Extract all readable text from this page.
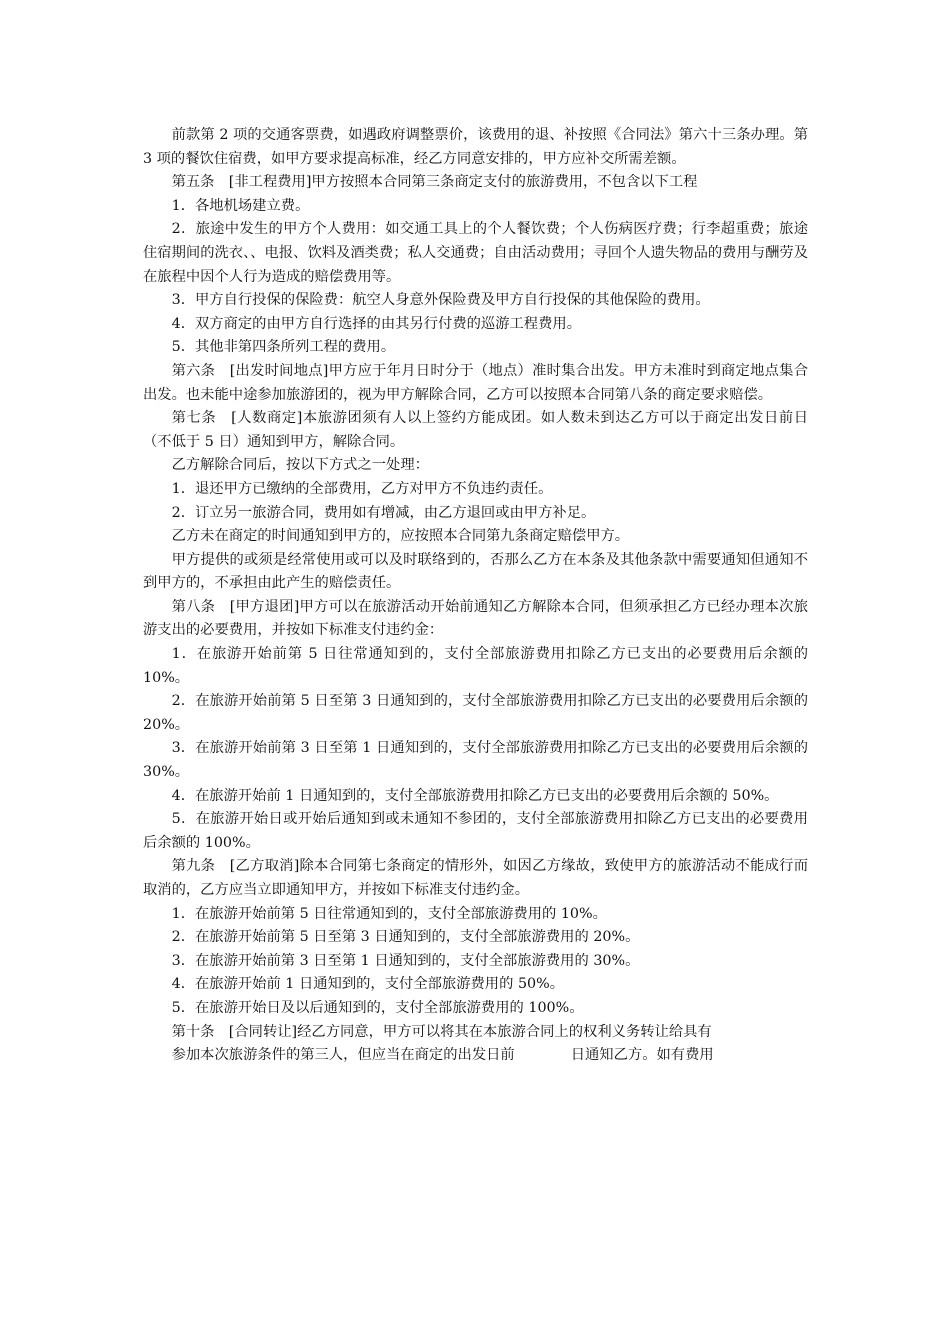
前款第 2 项的交通客票费，如遇政府调整票价，该费用的退、补按照《合同法》第六十三条办理。第 3 项的餐饮住宿费，如甲方要求提高标准，经乙方同意安排的，甲方应补交所需差额。

第五条　[非工程费用]甲方按照本合同第三条商定支付的旅游费用，不包含以下工程

1．各地机场建立费。

2．旅途中发生的甲方个人费用：如交通工具上的个人餐饮费；个人伤病医疗费；行李超重费；旅途住宿期间的洗衣、、电报、饮料及酒类费；私人交通费；自由活动费用；寻回个人遗失物品的费用与酬劳及在旅程中因个人行为造成的赔偿费用等。

3．甲方自行投保的保险费：航空人身意外保险费及甲方自行投保的其他保险的费用。

4．双方商定的由甲方自行选择的由其另行付费的巡游工程费用。

5．其他非第四条所列工程的费用。

第六条　[出发时间地点]甲方应于年月日时分于（地点）准时集合出发。甲方未准时到商定地点集合出发。也未能中途参加旅游团的，视为甲方解除合同，乙方可以按照本合同第八条的商定要求赔偿。

第七条　[人数商定]本旅游团须有人以上签约方能成团。如人数未到达乙方可以于商定出发日前日（不低于 5 日）通知到甲方，解除合同。

乙方解除合同后，按以下方式之一处理：

1．退还甲方已缴纳的全部费用，乙方对甲方不负违约责任。

2．订立另一旅游合同，费用如有增减，由乙方退回或由甲方补足。

乙方未在商定的时间通知到甲方的，应按照本合同第九条商定赔偿甲方。

甲方提供的或须是经常使用或可以及时联络到的，否那么乙方在本条及其他条款中需要通知但通知不到甲方的，不承担由此产生的赔偿责任。

第八条　[甲方退团]甲方可以在旅游活动开始前通知乙方解除本合同，但须承担乙方已经办理本次旅游支出的必要费用，并按如下标准支付违约金：

1．在旅游开始前第 5 日往常通知到的，支付全部旅游费用扣除乙方已支出的必要费用后余额的 10%。

2．在旅游开始前第 5 日至第 3 日通知到的，支付全部旅游费用扣除乙方已支出的必要费用后余额的 20%。

3．在旅游开始前第 3 日至第 1 日通知到的，支付全部旅游费用扣除乙方已支出的必要费用后余额的 30%。

4．在旅游开始前 1 日通知到的，支付全部旅游费用扣除乙方已支出的必要费用后余额的 50%。

5．在旅游开始日或开始后通知到或未通知不参团的，支付全部旅游费用扣除乙方已支出的必要费用后余额的 100%。

第九条　[乙方取消]除本合同第七条商定的情形外，如因乙方缘故，致使甲方的旅游活动不能成行而取消的，乙方应当立即通知甲方，并按如下标准支付违约金。

1．在旅游开始前第 5 日往常通知到的，支付全部旅游费用的 10%。

2．在旅游开始前第 5 日至第 3 日通知到的，支付全部旅游费用的 20%。

3．在旅游开始前第 3 日至第 1 日通知到的，支付全部旅游费用的 30%。

4．在旅游开始前 1 日通知到的，支付全部旅游费用的 50%。

5．在旅游开始日及以后通知到的，支付全部旅游费用的 100%。

第十条　[合同转让]经乙方同意，甲方可以将其在本旅游合同上的权利义务转让给具有

参加本次旅游条件的第三人，但应当在商定的出发日前	日通知乙方。如有费用
